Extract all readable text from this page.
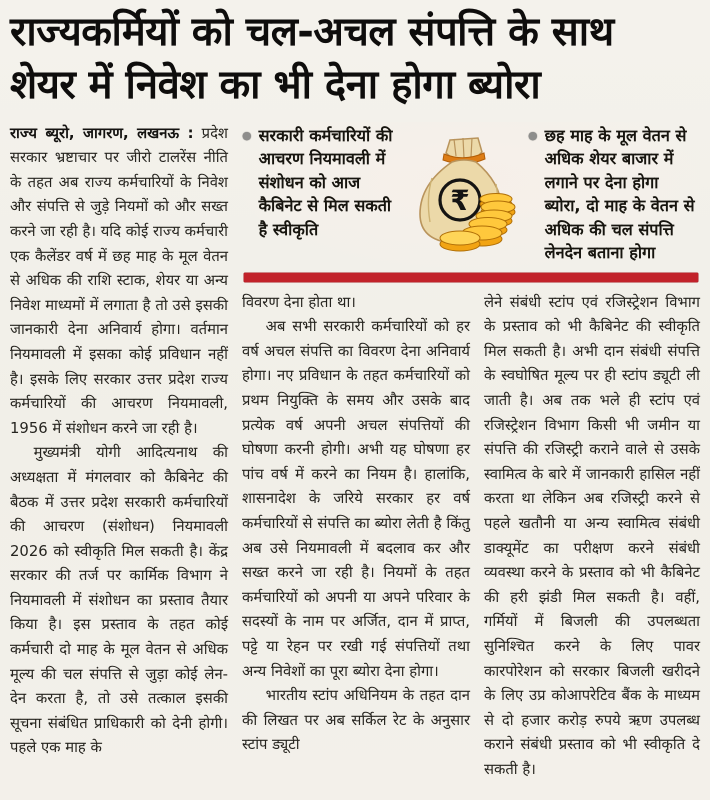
राज्यकर्मियों को चल-अचल संपत्ति के साथ
शेयर में निवेश का भी देना होगा ब्योरा

राज्य ब्यूरो, जागरण, लखनऊ : प्रदेश सरकार भ्रष्टाचार पर जीरो टालरेंस नीति के तहत अब राज्य कर्मचारियों के निवेश और संपत्ति से जुड़े नियमों को और सख्त करने जा रही है। यदि कोई राज्य कर्मचारी एक कैलेंडर वर्ष में छह माह के मूल वेतन से अधिक की राशि स्टाक, शेयर या अन्य निवेश माध्यमों में लगाता है तो उसे इसकी जानकारी देना अनिवार्य होगा। वर्तमान नियमावली में इसका कोई प्रविधान नहीं है। इसके लिए सरकार उत्तर प्रदेश राज्य कर्मचारियों की आचरण नियमावली, 1956 में संशोधन करने जा रही है।

मुख्यमंत्री योगी आदित्यनाथ की अध्यक्षता में मंगलवार को कैबिनेट की बैठक में उत्तर प्रदेश सरकारी कर्मचारियों की आचरण (संशोधन) नियमावली 2026 को स्वीकृति मिल सकती है। केंद्र सरकार की तर्ज पर कार्मिक विभाग ने नियमावली में संशोधन का प्रस्ताव तैयार किया है। इस प्रस्ताव के तहत कोई कर्मचारी दो माह के मूल वेतन से अधिक मूल्य की चल संपत्ति से जुड़ा कोई लेन-देन करता है, तो उसे तत्काल इसकी सूचना संबंधित प्राधिकारी को देनी होगी। पहले एक माह के

● सरकारी कर्मचारियों की आचरण नियमावली में संशोधन को आज कैबिनेट से मिल सकती है स्वीकृति
₹
● छह माह के मूल वेतन से अधिक शेयर बाजार में लगाने पर देना होगा ब्योरा, दो माह के वेतन से अधिक की चल संपत्ति लेनदेन बताना होगा

विवरण देना होता था।

अब सभी सरकारी कर्मचारियों को हर वर्ष अचल संपत्ति का विवरण देना अनिवार्य होगा। नए प्रविधान के तहत कर्मचारियों को प्रथम नियुक्ति के समय और उसके बाद प्रत्येक वर्ष अपनी अचल संपत्तियों की घोषणा करनी होगी। अभी यह घोषणा हर पांच वर्ष में करने का नियम है। हालांकि, शासनादेश के जरिये सरकार हर वर्ष कर्मचारियों से संपत्ति का ब्योरा लेती है किंतु अब उसे नियमावली में बदलाव कर और सख्त करने जा रही है। नियमों के तहत कर्मचारियों को अपनी या अपने परिवार के सदस्यों के नाम पर अर्जित, दान में प्राप्त, पट्टे या रेहन पर रखी गई संपत्तियों तथा अन्य निवेशों का पूरा ब्योरा देना होगा।

भारतीय स्टांप अधिनियम के तहत दान की लिखत पर अब सर्किल रेट के अनुसार स्टांप ड्यूटी

लेने संबंधी स्टांप एवं रजिस्ट्रेशन विभाग के प्रस्ताव को भी कैबिनेट की स्वीकृति मिल सकती है। अभी दान संबंधी संपत्ति के स्वघोषित मूल्य पर ही स्टांप ड्यूटी ली जाती है। अब तक भले ही स्टांप एवं रजिस्ट्रेशन विभाग किसी भी जमीन या संपत्ति की रजिस्ट्री कराने वाले से उसके स्वामित्व के बारे में जानकारी हासिल नहीं करता था लेकिन अब रजिस्ट्री करने से पहले खतौनी या अन्य स्वामित्व संबंधी डाक्यूमेंट का परीक्षण करने संबंधी व्यवस्था करने के प्रस्ताव को भी कैबिनेट की हरी झंडी मिल सकती है। वहीं, गर्मियों में बिजली की उपलब्धता सुनिश्चित करने के लिए पावर कारपोरेशन को सरकार बिजली खरीदने के लिए उप्र कोआपरेटिव बैंक के माध्यम से दो हजार करोड़ रुपये ऋण उपलब्ध कराने संबंधी प्रस्ताव को भी स्वीकृति दे सकती है।
